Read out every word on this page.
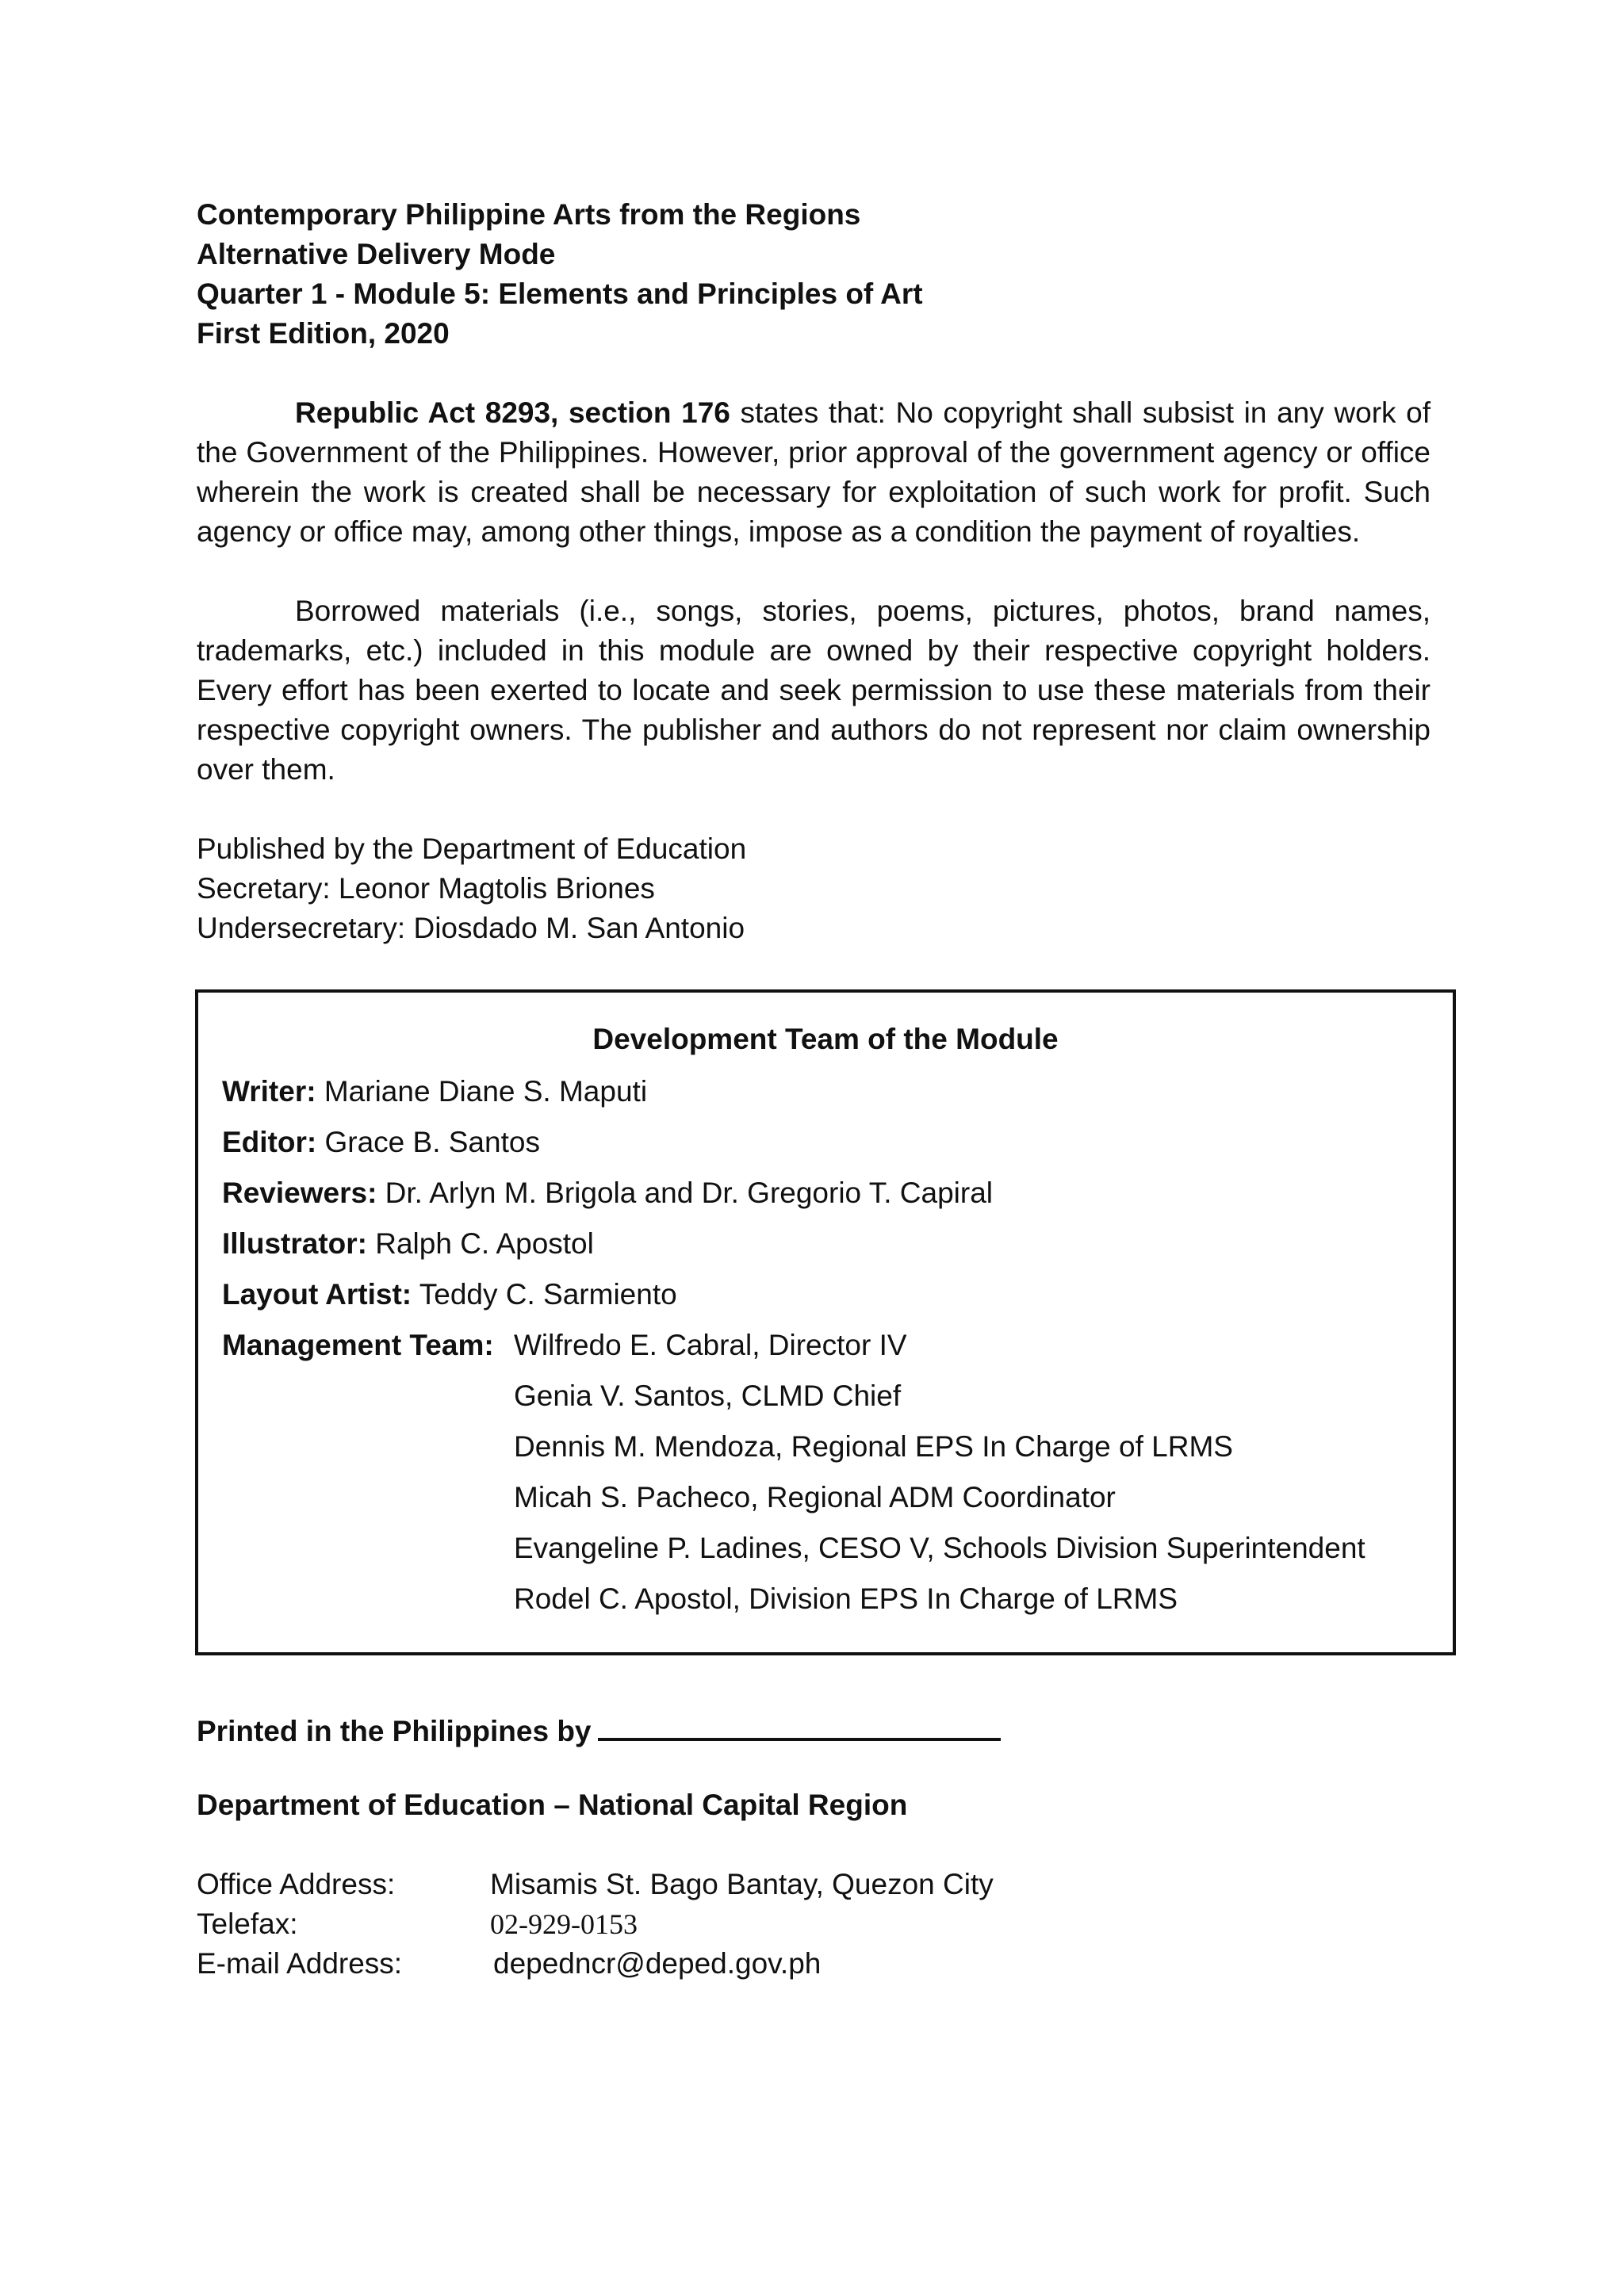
Contemporary Philippine Arts from the Regions
Alternative Delivery Mode
Quarter 1 - Module 5: Elements and Principles of Art
First Edition, 2020
Republic Act 8293, section 176 states that: No copyright shall subsist in any work of the Government of the Philippines. However, prior approval of the government agency or office wherein the work is created shall be necessary for exploitation of such work for profit. Such agency or office may, among other things, impose as a condition the payment of royalties.
Borrowed materials (i.e., songs, stories, poems, pictures, photos, brand names, trademarks, etc.) included in this module are owned by their respective copyright holders. Every effort has been exerted to locate and seek permission to use these materials from their respective copyright owners. The publisher and authors do not represent nor claim ownership over them.
Published by the Department of Education
Secretary: Leonor Magtolis Briones
Undersecretary: Diosdado M. San Antonio
Development Team of the Module
Writer: Mariane Diane S. Maputi
Editor: Grace B. Santos
Reviewers: Dr. Arlyn M. Brigola and Dr. Gregorio T. Capiral
Illustrator: Ralph C. Apostol
Layout Artist: Teddy C. Sarmiento
Management Team: Wilfredo E. Cabral, Director IV
Genia V. Santos, CLMD Chief
Dennis M. Mendoza, Regional EPS In Charge of LRMS
Micah S. Pacheco, Regional ADM Coordinator
Evangeline P. Ladines, CESO V, Schools Division Superintendent
Rodel C. Apostol, Division EPS In Charge of LRMS
Printed in the Philippines by
Department of Education – National Capital Region
Office Address:	Misamis St. Bago Bantay, Quezon City
Telefax:	02-929-0153
E-mail Address:	depedncr@deped.gov.ph
